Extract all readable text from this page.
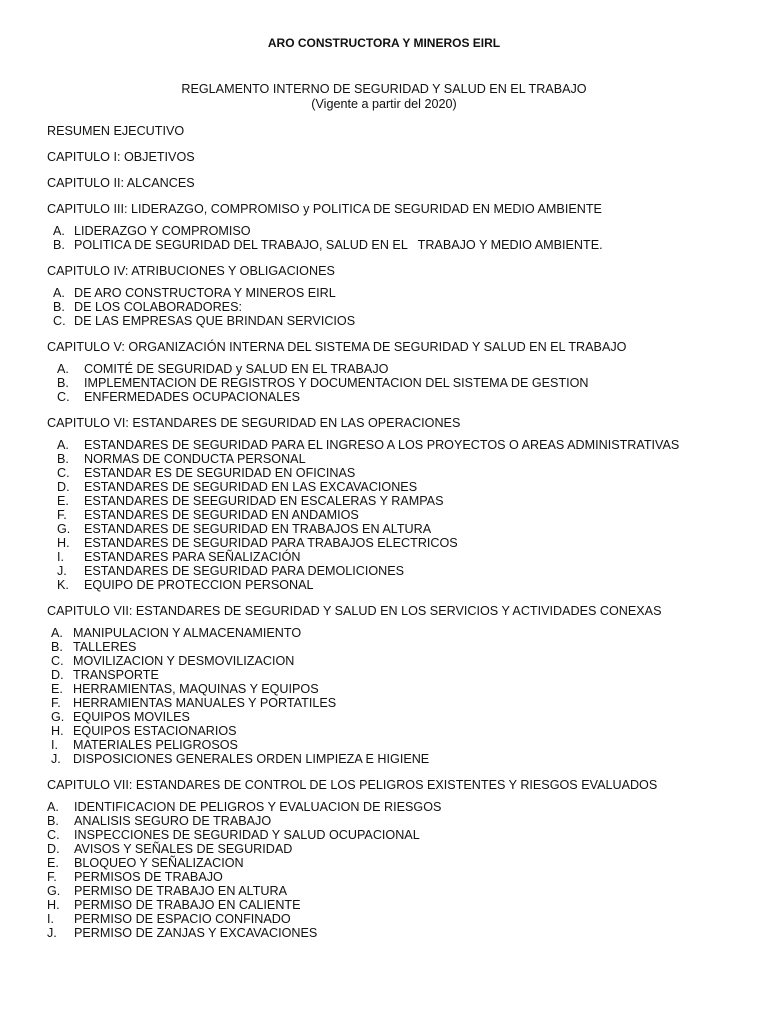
ARO CONSTRUCTORA Y MINEROS EIRL
REGLAMENTO INTERNO DE SEGURIDAD Y SALUD EN EL TRABAJO
(Vigente a partir del 2020)
RESUMEN EJECUTIVO
CAPITULO I: OBJETIVOS
CAPITULO II: ALCANCES
CAPITULO III: LIDERAZGO, COMPROMISO y POLITICA DE SEGURIDAD EN MEDIO AMBIENTE
A. LIDERAZGO Y COMPROMISO
B. POLITICA DE SEGURIDAD DEL TRABAJO, SALUD EN EL   TRABAJO Y MEDIO AMBIENTE.
CAPITULO IV: ATRIBUCIONES Y OBLIGACIONES
A. DE ARO CONSTRUCTORA Y MINEROS EIRL
B. DE LOS COLABORADORES:
C. DE LAS EMPRESAS QUE BRINDAN SERVICIOS
CAPITULO V: ORGANIZACIÓN INTERNA DEL SISTEMA DE SEGURIDAD Y SALUD EN EL TRABAJO
A.	COMITÉ DE SEGURIDAD y SALUD EN EL TRABAJO
B.	IMPLEMENTACION DE REGISTROS Y DOCUMENTACION DEL SISTEMA DE GESTION
C.	ENFERMEDADES OCUPACIONALES
CAPITULO VI: ESTANDARES DE SEGURIDAD EN LAS OPERACIONES
A.	ESTANDARES DE SEGURIDAD PARA EL INGRESO A LOS PROYECTOS O AREAS ADMINISTRATIVAS
B.	NORMAS DE CONDUCTA PERSONAL
C.	ESTANDAR ES DE SEGURIDAD EN OFICINAS
D.	ESTANDARES DE SEGURIDAD EN LAS EXCAVACIONES
E.	ESTANDARES DE SEEGURIDAD EN ESCALERAS Y RAMPAS
F.	ESTANDARES DE SEGURIDAD EN ANDAMIOS
G.	ESTANDARES DE SEGURIDAD EN TRABAJOS EN ALTURA
H.	ESTANDARES DE SEGURIDAD PARA TRABAJOS ELECTRICOS
I.	ESTANDARES PARA SEÑALIZACIÓN
J.	ESTANDARES DE SEGURIDAD PARA DEMOLICIONES
K.	EQUIPO DE PROTECCION PERSONAL
CAPITULO VII: ESTANDARES DE SEGURIDAD Y SALUD EN LOS SERVICIOS Y ACTIVIDADES CONEXAS
A. MANIPULACION Y ALMACENAMIENTO
B. TALLERES
C. MOVILIZACION Y DESMOVILIZACION
D. TRANSPORTE
E. HERRAMIENTAS, MAQUINAS Y EQUIPOS
F. HERRAMIENTAS MANUALES Y PORTATILES
G. EQUIPOS MOVILES
H. EQUIPOS ESTACIONARIOS
I.	MATERIALES PELIGROSOS
J. DISPOSICIONES GENERALES ORDEN LIMPIEZA E HIGIENE
CAPITULO VII: ESTANDARES DE CONTROL DE LOS PELIGROS EXISTENTES Y RIESGOS EVALUADOS
A.	IDENTIFICACION DE PELIGROS Y EVALUACION DE RIESGOS
B.	ANALISIS SEGURO DE TRABAJO
C.	INSPECCIONES DE SEGURIDAD Y SALUD OCUPACIONAL
D.	AVISOS Y SEÑALES DE SEGURIDAD
E.	BLOQUEO Y SEÑALIZACION
F.	PERMISOS DE TRABAJO
G.	PERMISO DE TRABAJO EN ALTURA
H.	PERMISO DE TRABAJO EN CALIENTE
I.	PERMISO DE ESPACIO CONFINADO
J.	PERMISO DE ZANJAS Y EXCAVACIONES
